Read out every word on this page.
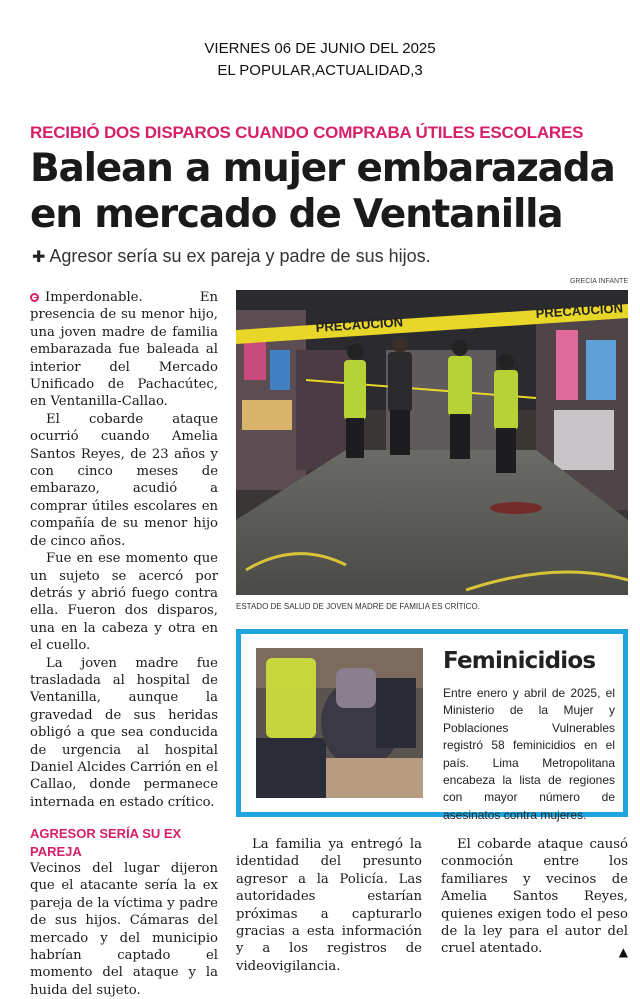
VIERNES 06 DE JUNIO DEL 2025
EL POPULAR,ACTUALIDAD,3
RECIBIÓ DOS DISPAROS CUANDO COMPRABA ÚTILES ESCOLARES
Balean a mujer embarazada
en mercado de Ventanilla
✚ Agresor sería su ex pareja y padre de sus hijos.
GRECIA INFANTE

Imperdonable. En presencia de su menor hijo, una joven madre de familia embarazada fue baleada al interior del Mercado Unificado de Pachacútec, en Ventanilla-Callao.

El cobarde ataque ocurrió cuando Amelia Santos Reyes, de 23 años y con cinco meses de embarazo, acudió a comprar útiles escolares en compañía de su menor hijo de cinco años.

Fue en ese momento que un sujeto se acercó por detrás y abrió fuego contra ella. Fueron dos disparos, una en la cabeza y otra en el cuello.

La joven madre fue trasladada al hospital de Ventanilla, aunque la gravedad de sus heridas obligó a que sea conducida de urgencia al hospital Daniel Alcides Carrión en el Callao, donde permanece internada en estado crítico.

AGRESOR SERÍA SU EX PAREJA

Vecinos del lugar dijeron que el atacante sería la ex pareja de la víctima y padre de sus hijos. Cámaras del mercado y del municipio habrían captado el momento del ataque y la huida del sujeto.

PRECAUCION
PRECAUCION
ESTADO DE SALUD DE JOVEN MADRE DE FAMILIA ES CRÍTICO.
Feminicidios
Entre enero y abril de 2025, el Ministerio de la Mujer y Poblaciones Vulnerables registró 58 feminicidios en el país. Lima Metropolitana encabeza la lista de regiones con mayor número de asesinatos contra mujeres.

La familia ya entregó la identidad del presunto agresor a la Policía. Las autoridades estarían próximas a capturarlo gracias a esta información y a los registros de videovigilancia.

El cobarde ataque causó conmoción entre los familiares y vecinos de Amelia Santos Reyes, quienes exigen todo el peso de la ley para el autor del cruel atentado.	▲
